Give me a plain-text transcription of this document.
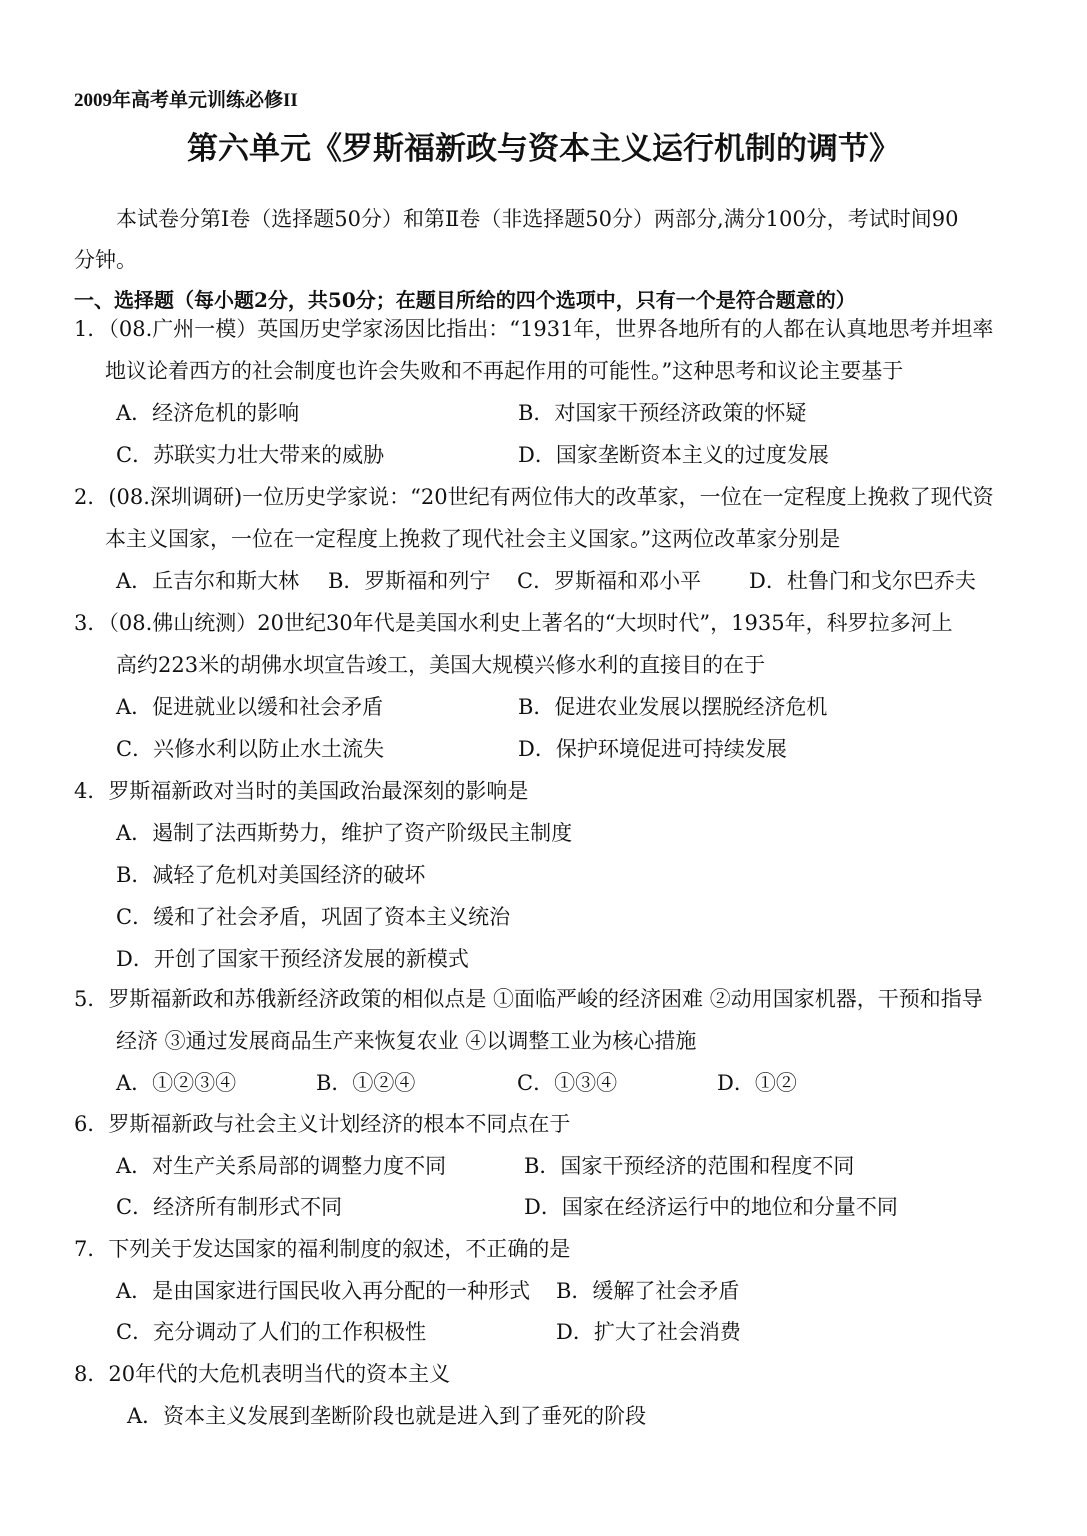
2009年高考单元训练必修II
第六单元《罗斯福新政与资本主义运行机制的调节》
本试卷分第Ⅰ卷（选择题50分）和第Ⅱ卷（非选择题50分）两部分,满分100分，考试时间90
分钟。
一、选择题（每小题2分，共50分；在题目所给的四个选项中，只有一个是符合题意的）
1．（08.广州一模）英国历史学家汤因比指出：“1931年，世界各地所有的人都在认真地思考并坦率
地议论着西方的社会制度也许会失败和不再起作用的可能性。”这种思考和议论主要基于
A．经济危机的影响	B．对国家干预经济政策的怀疑
C．苏联实力壮大带来的威胁	D．国家垄断资本主义的过度发展
2．(08.深圳调研)一位历史学家说：“20世纪有两位伟大的改革家，一位在一定程度上挽救了现代资
本主义国家，一位在一定程度上挽救了现代社会主义国家。”这两位改革家分别是
A．丘吉尔和斯大林 B．罗斯福和列宁 C．罗斯福和邓小平 D．杜鲁门和戈尔巴乔夫
3．（08.佛山统测）20世纪30年代是美国水利史上著名的“大坝时代”，1935年，科罗拉多河上
高约223米的胡佛水坝宣告竣工，美国大规模兴修水利的直接目的在于
A．促进就业以缓和社会矛盾	B．促进农业发展以摆脱经济危机
C．兴修水利以防止水土流失	D．保护环境促进可持续发展
4．罗斯福新政对当时的美国政治最深刻的影响是
A．遏制了法西斯势力，维护了资产阶级民主制度
B．减轻了危机对美国经济的破坏
C．缓和了社会矛盾，巩固了资本主义统治
D．开创了国家干预经济发展的新模式
5．罗斯福新政和苏俄新经济政策的相似点是 ①面临严峻的经济困难 ②动用国家机器，干预和指导
经济 ③通过发展商品生产来恢复农业 ④以调整工业为核心措施
A．①②③④	B．①②④	C．①③④	D．①②
6．罗斯福新政与社会主义计划经济的根本不同点在于
A．对生产关系局部的调整力度不同	B．国家干预经济的范围和程度不同
C．经济所有制形式不同	D．国家在经济运行中的地位和分量不同
7．下列关于发达国家的福利制度的叙述，不正确的是
A．是由国家进行国民收入再分配的一种形式 B．缓解了社会矛盾
C．充分调动了人们的工作积极性	D．扩大了社会消费
8．20年代的大危机表明当代的资本主义
A．资本主义发展到垄断阶段也就是进入到了垂死的阶段
